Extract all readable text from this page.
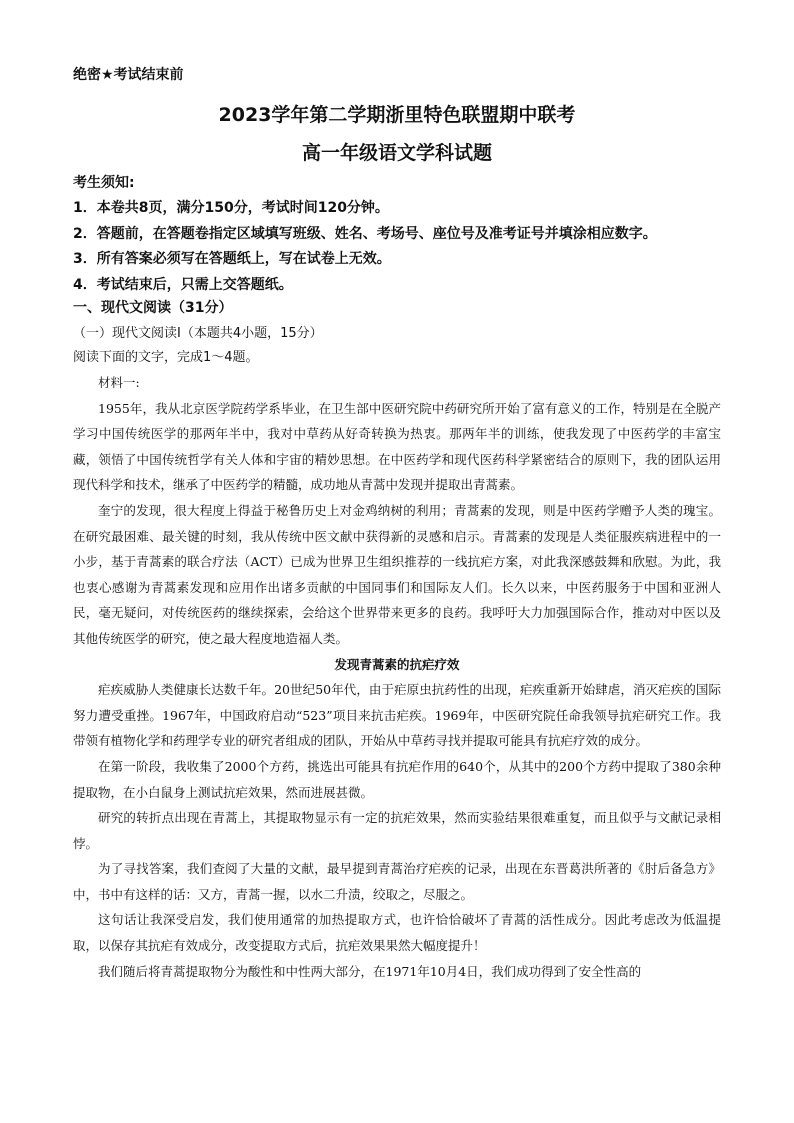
绝密★考试结束前
2023学年第二学期浙里特色联盟期中联考
高一年级语文学科试题
考生须知:
1．本卷共8页，满分150分，考试时间120分钟。
2．答题前，在答题卷指定区域填写班级、姓名、考场号、座位号及准考证号并填涂相应数字。
3．所有答案必须写在答题纸上，写在试卷上无效。
4．考试结束后，只需上交答题纸。
一、现代文阅读（31分）
（一）现代文阅读Ⅰ（本题共4小题，15分）
阅读下面的文字，完成1～4题。

材料一:

1955年，我从北京医学院药学系毕业，在卫生部中医研究院中药研究所开始了富有意义的工作，特别是在全脱产学习中国传统医学的那两年半中，我对中草药从好奇转换为热衷。那两年半的训练，使我发现了中医药学的丰富宝藏，领悟了中国传统哲学有关人体和宇宙的精妙思想。在中医药学和现代医药科学紧密结合的原则下，我的团队运用现代科学和技术，继承了中医药学的精髓，成功地从青蒿中发现并提取出青蒿素。

奎宁的发现，很大程度上得益于秘鲁历史上对金鸡纳树的利用；青蒿素的发现，则是中医药学赠予人类的瑰宝。在研究最困难、最关键的时刻，我从传统中医文献中获得新的灵感和启示。青蒿素的发现是人类征服疾病进程中的一小步，基于青蒿素的联合疗法（ACT）已成为世界卫生组织推荐的一线抗疟方案，对此我深感鼓舞和欣慰。为此，我也衷心感谢为青蒿素发现和应用作出诸多贡献的中国同事们和国际友人们。长久以来，中医药服务于中国和亚洲人民，毫无疑问，对传统医药的继续探索，会给这个世界带来更多的良药。我呼吁大力加强国际合作，推动对中医以及其他传统医学的研究，使之最大程度地造福人类。

发现青蒿素的抗疟疗效

疟疾威胁人类健康长达数千年。20世纪50年代，由于疟原虫抗药性的出现，疟疾重新开始肆虐，消灭疟疾的国际努力遭受重挫。1967年，中国政府启动“523”项目来抗击疟疾。1969年，中医研究院任命我领导抗疟研究工作。我带领有植物化学和药理学专业的研究者组成的团队，开始从中草药寻找并提取可能具有抗疟疗效的成分。

在第一阶段，我收集了2000个方药，挑选出可能具有抗疟作用的640个，从其中的200个方药中提取了380余种提取物，在小白鼠身上测试抗疟效果，然而进展甚微。

研究的转折点出现在青蒿上，其提取物显示有一定的抗疟效果，然而实验结果很难重复，而且似乎与文献记录相悖。

为了寻找答案，我们查阅了大量的文献，最早提到青蒿治疗疟疾的记录，出现在东晋葛洪所著的《肘后备急方》中，书中有这样的话：又方，青蒿一握，以水二升渍，绞取之，尽服之。

这句话让我深受启发，我们使用通常的加热提取方式，也许恰恰破坏了青蒿的活性成分。因此考虑改为低温提取，以保存其抗疟有效成分，改变提取方式后，抗疟效果果然大幅度提升！

我们随后将青蒿提取物分为酸性和中性两大部分，在1971年10月4日，我们成功得到了安全性高的
